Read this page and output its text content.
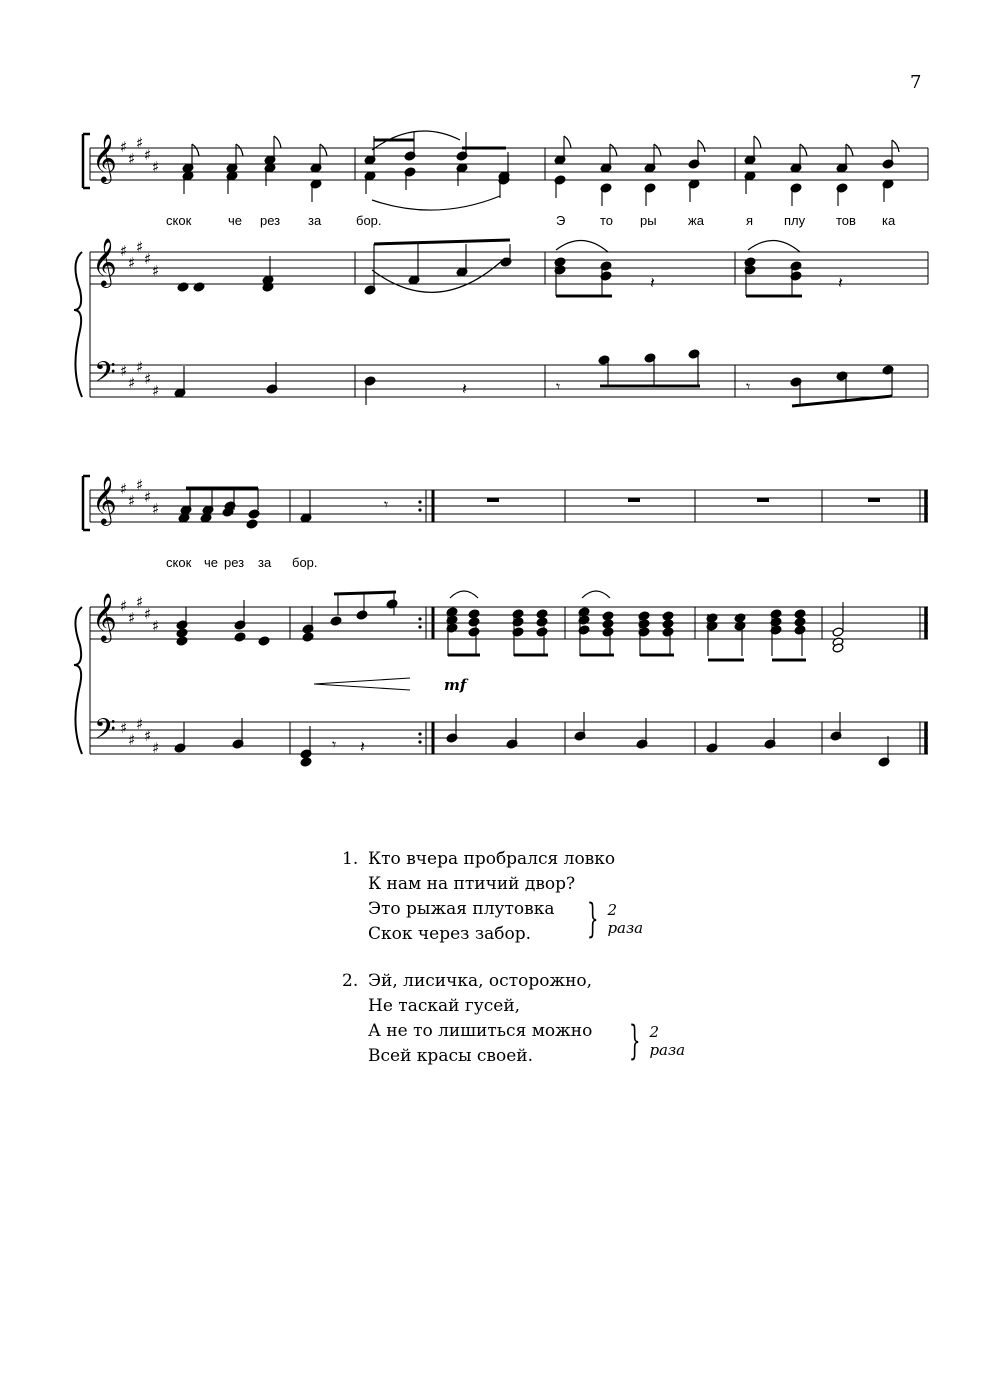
7
𝄞
𝄞
𝄢
♯
♯
♯
♯
♯
♯
♯
♯
♯
♯
♯
♯
♯
♯
♯
𝄽	𝄽
𝄽	𝄾	𝄾
𝄞
𝄞
𝄢
♯
♯
♯
♯
♯
♯
♯
♯
♯
♯
♯
♯
♯
♯
♯
𝄾
𝄾 𝄽
скок	че рез за	бор.	Э	то ры жа	я плу тов ка
скок че рез за бор.
mf
1. Кто вчера пробрался ловко
К нам на птичий двор?
Это рыжая плутовка
Скок через забор.	} 2 раза
2. Эй, лисичка, осторожно,
Не таскай гусей,
А не то лишиться можно
Всей красы своей.	} 2 раза
